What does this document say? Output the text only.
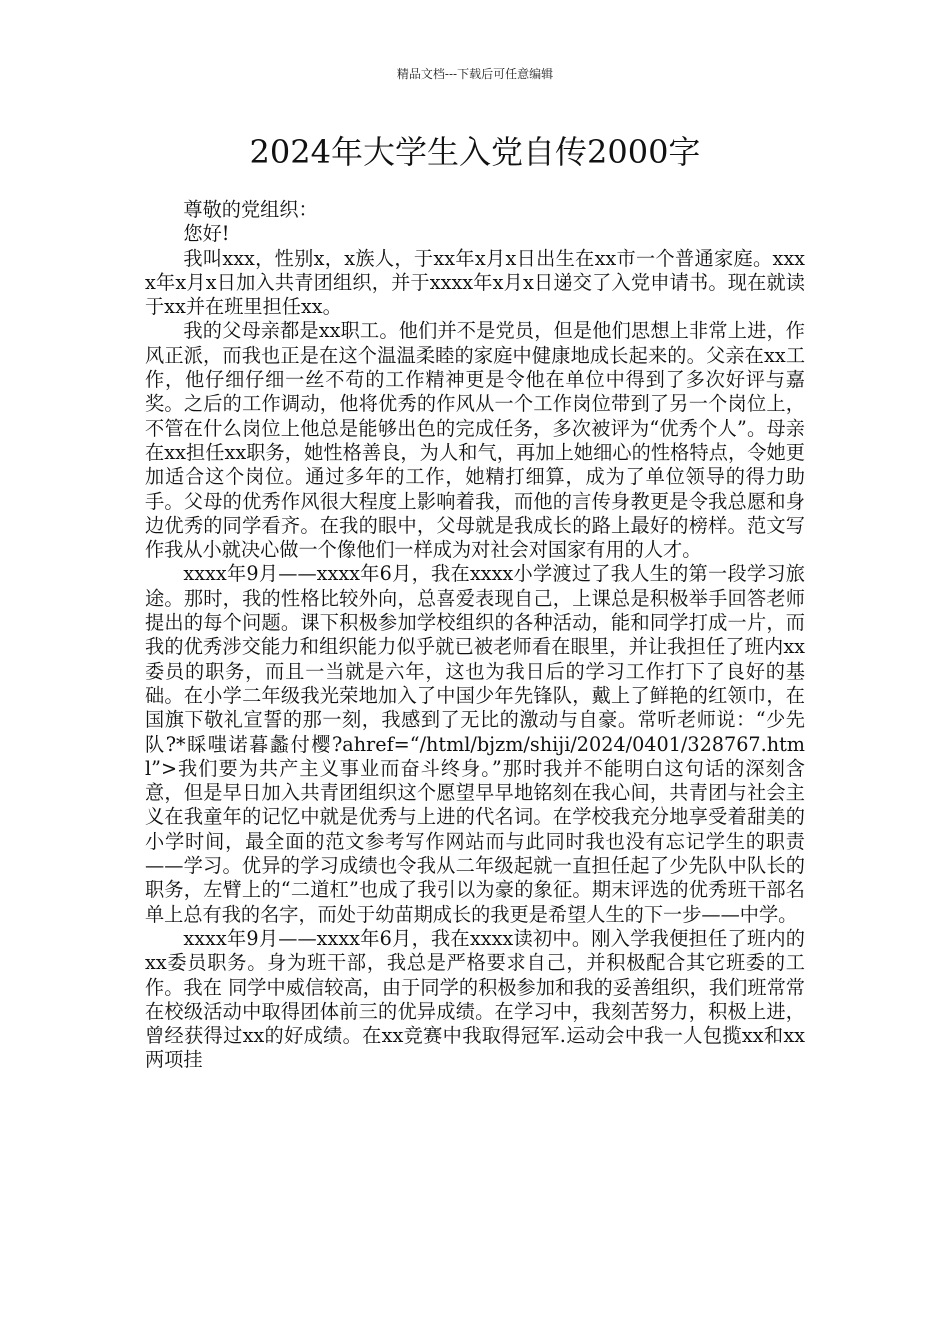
精品文档---下载后可任意编辑
2024年大学生入党自传2000字

尊敬的党组织：

您好!

我叫xxx，性别x，x族人，于xx年x月x日出生在xx市一个普通家庭。xxxx年x月x日加入共青团组织，并于xxxx年x月x日递交了入党申请书。现在就读于xx并在班里担任xx。

我的父母亲都是xx职工。他们并不是党员，但是他们思想上非常上进，作风正派，而我也正是在这个温温柔睦的家庭中健康地成长起来的。父亲在xx工作，他仔细仔细一丝不苟的工作精神更是令他在单位中得到了多次好评与嘉奖。之后的工作调动，他将优秀的作风从一个工作岗位带到了另一个岗位上，不管在什么岗位上他总是能够出色的完成任务，多次被评为“优秀个人”。母亲在xx担任xx职务，她性格善良，为人和气，再加上她细心的性格特点，令她更加适合这个岗位。通过多年的工作，她精打细算，成为了单位领导的得力助手。父母的优秀作风很大程度上影响着我，而他的言传身教更是令我总愿和身边优秀的同学看齐。在我的眼中，父母就是我成长的路上最好的榜样。范文写作我从小就决心做一个像他们一样成为对社会对国家有用的人才。

xxxx年9月——xxxx年6月，我在xxxx小学渡过了我人生的第一段学习旅途。那时，我的性格比较外向，总喜爱表现自己，上课总是积极举手回答老师提出的每个问题。课下积极参加学校组织的各种活动，能和同学打成一片，而我的优秀涉交能力和组织能力似乎就已被老师看在眼里，并让我担任了班内xx委员的职务，而且一当就是六年，这也为我日后的学习工作打下了良好的基础。在小学二年级我光荣地加入了中国少年先锋队，戴上了鲜艳的红领巾，在国旗下敬礼宣誓的那一刻，我感到了无比的激动与自豪。常听老师说：“少先队?*睬嗤诺暮蠡付樱?ahref=“/html/bjzm/shiji/2024/0401/328767.html”>我们要为共产主义事业而奋斗终身。”那时我并不能明白这句话的深刻含意，但是早日加入共青团组织这个愿望早早地铭刻在我心间，共青团与社会主义在我童年的记忆中就是优秀与上进的代名词。在学校我充分地享受着甜美的小学时间，最全面的范文参考写作网站而与此同时我也没有忘记学生的职责——学习。优异的学习成绩也令我从二年级起就一直担任起了少先队中队长的职务，左臂上的“二道杠”也成了我引以为豪的象征。期末评选的优秀班干部名单上总有我的名字，而处于幼苗期成长的我更是希望人生的下一步——中学。

xxxx年9月——xxxx年6月，我在xxxx读初中。刚入学我便担任了班内的xx委员职务。身为班干部，我总是严格要求自己，并积极配合其它班委的工作。我在 同学中威信较高，由于同学的积极参加和我的妥善组织，我们班常常在校级活动中取得团体前三的优异成绩。在学习中，我刻苦努力，积极上进，曾经获得过xx的好成绩。在xx竞赛中我取得冠军.运动会中我一人包揽xx和xx两项挂
